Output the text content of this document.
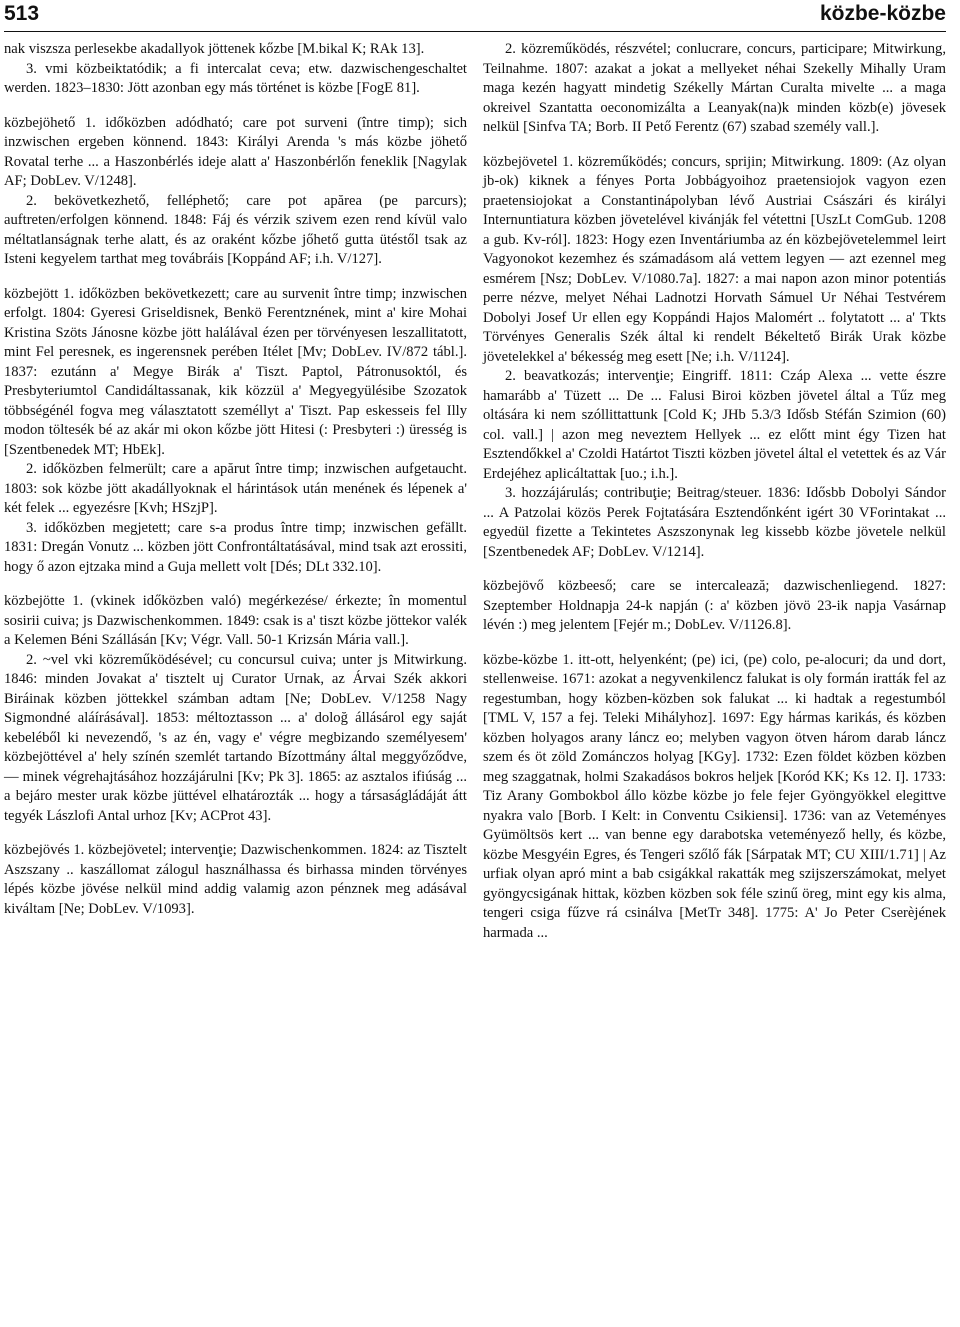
513	közbe-közbe

nak viszsza perlesekbe akadallyok jöttenek kőzbe [M.bikal K; RAk 13].

3. vmi közbeiktatódik; a fi intercalat ceva; etw. dazwischengeschaltet werden. 1823–1830: Jött azonban egy más történet is közbe [FogE 81].

közbejöhető 1. időközben adódható; care pot surveni (între timp); sich inzwischen ergeben könnend. 1843: Királyi Arenda 's más közbe jöhető Rovatal terhe ... a Haszonbérlés ideje alatt a' Haszonbérlőn feneklik [Nagylak AF; DobLev. V/1248].

2. bekövetkezhető, felléphető; care pot apărea (pe parcurs); auftreten/erfolgen könnend. 1848: Fáj és vérzik szivem ezen rend kívül valo méltatlanságnak terhe alatt, és az oraként kőzbe jőhető gutta ütéstől tsak az Isteni kegyelem tarthat meg továbráis [Koppánd AF; i.h. V/127].

közbejött 1. időközben bekövetkezett; care au survenit între timp; inzwischen erfolgt. 1804: Gyeresi Griseldisnek, Benkö Ferentznének, mint a' kire Mohai Kristina Szöts Jánosne közbe jött halálával ézen per törvényesen leszallitatott, mint Fel peresnek, es ingerensnek perében Itélet [Mv; DobLev. IV/872 tábl.]. 1837: ezutánn a' Megye Birák a' Tiszt. Paptol, Pátronusoktól, és Presbyteriumtol Candidáltassanak, kik közzül a' Megyegyülésibe Szozatok többségénél fogva meg választatott személlyt a' Tiszt. Pap eskesseis fel Illy modon töltesék bé az akár mi okon kőzbe jött Hitesi (: Presbyteri :) üresség is [Szentbenedek MT; HbEk].

2. időközben felmerült; care a apărut între timp; inzwischen aufgetaucht. 1803: sok közbe jött akadállyoknak el hárintások után menének és lépenek a' két felek ... egyezésre [Kvh; HSzjP].

3. időközben megjetett; care s-a produs între timp; inzwischen gefällt. 1831: Dregán Vonutz ... közben jött Confrontáltatásával, mind tsak azt erossiti, hogy ő azon ejtzaka mind a Guja mellett volt [Dés; DLt 332.10].

közbejötte 1. (vkinek időközben való) megérkezése/ érkezte; în momentul sosirii cuiva; js Dazwischenkommen. 1849: csak is a' tiszt közbe jöttekor valék a Kelemen Béni Szállásán [Kv; Végr. Vall. 50-1 Krizsán Mária vall.].

2. ~vel vki közreműködésével; cu concursul cuiva; unter js Mitwirkung. 1846: minden Jovakat a' tisztelt uj Curator Urnak, az Árvai Szék akkori Biráinak közben jöttekkel számban adtam [Ne; DobLev. V/1258 Nagy Sigmondné aláírásával]. 1853: méltoztasson ... a' doloğ állásárol egy saját kebeléből ki nevezendő, 's az én, vagy e' végre megbizando személyesem' közbejöttével a' hely színén szemlét tartando Bízottmány által meggyőződve, — minek végrehajtásához hozzájárulni [Kv; Pk 3]. 1865: az asztalos ifiúság ... a bejáro mester urak közbe jüttével elhatározták ... hogy a társaságládáját átt tegyék Lászlofi Antal urhoz [Kv; ACProt 43].

közbejövés 1. közbejövetel; intervenţie; Dazwischenkommen. 1824: az Tisztelt Aszszany .. kaszállomat zálogul használhassa és birhassa minden törvényes lépés közbe jövése nelkül mind addig valamig azon pénznek meg adásával kiváltam [Ne; DobLev. V/1093].

2. közreműködés, részvétel; conlucrare, concurs, participare; Mitwirkung, Teilnahme. 1807: azakat a jokat a mellyeket néhai Szekelly Mihally Uram maga kezén hagyatt mindetig Székelly Mártan Curalta mivelte ... a maga okreivel Szantatta oeconomizálta a Leanyak(na)k minden közb(e) jövesek nelkül [Sinfva TA; Borb. II Pető Ferentz (67) szabad személy vall.].

közbejövetel 1. közreműködés; concurs, sprijin; Mitwirkung. 1809: (Az olyan jb-ok) kiknek a fényes Porta Jobbágyoihoz praetensiojok vagyon ezen praetensiojokat a Constantinápolyban lévő Austriai Császári és királyi Internuntiatura közben jövetelével kivánják fel vétettni [UszLt ComGub. 1208 a gub. Kv-ról]. 1823: Hogy ezen Inventáriumba az én közbejövetelemmel leirt Vagyonokot kezemhez és számadásom alá vettem legyen — azt ezennel meg esmérem [Nsz; DobLev. V/1080.7a]. 1827: a mai napon azon minor potentiás perre nézve, melyet Néhai Ladnotzi Horvath Sámuel Ur Néhai Testvérem Dobolyi Josef Ur ellen egy Koppándi Hajos Malomért .. folytatott ... a' Tkts Törvényes Generalis Szék által ki rendelt Békeltető Birák Urak közbe jövetelekkel a' békesség meg esett [Ne; i.h. V/1124].

2. beavatkozás; intervenţie; Eingriff. 1811: Czáp Alexa ... vette észre hamarább a' Tüzett ... De ... Falusi Biroi közben jövetel által a Tűz meg oltására ki nem szóllittattunk [Cold K; JHb 5.3/3 Idősb Stéfán Szimion (60) col. vall.] | azon meg neveztem Hellyek ... ez előtt mint égy Tizen hat Esztendőkkel a' Czoldi Határtot Tiszti közben jövetel által el vetettek és az Vár Erdejéhez aplicáltattak [uo.; i.h.].

3. hozzájárulás; contribuţie; Beitrag/steuer. 1836: Idősbb Dobolyi Sándor ... A Patzolai közös Perek Fojtatására Esztendőnként igért 30 VForintakat ... egyedül fizette a Tekintetes Aszszonynak leg kissebb közbe jövetele nelkül [Szentbenedek AF; DobLev. V/1214].

közbejövő közbeeső; care se intercalează; dazwischenliegend. 1827: Szeptember Holdnapja 24-k napján (: a' közben jövö 23-ik napja Vasárnap lévén :) meg jelentem [Fejér m.; DobLev. V/1126.8].

közbe-közbe 1. itt-ott, helyenként; (pe) ici, (pe) colo, pe-alocuri; da und dort, stellenweise. 1671: azokat a negyvenkilencz falukat is oly formán iratták fel az regestumban, hogy közben-közben sok falukat ... ki hadtak a regestumból [TML V, 157 a fej. Teleki Mihályhoz]. 1697: Egy hármas karikás, és közben közben holyagos arany láncz eo; melyben vagyon ötven három darab láncz szem és öt zöld Zománczos holyag [KGy]. 1732: Ezen földet közben közben meg szaggatnak, holmi Szakadásos bokros heljek [Koród KK; Ks 12. I]. 1733: Tiz Arany Gombokbol állo közbe közbe jo fele fejer Gyöngyökkel elegittve nyakra valo [Borb. I Kelt: in Conventu Csikiensi]. 1736: van az Veteményes Gyümöltsös kert ... van benne egy darabotska veteményező helly, és közbe, közbe Mesgyéin Egres, és Tengeri szőlő fák [Sárpatak MT; CU XIII/1.71] | Az urfiak olyan apró mint a bab csigákkal rakatták meg szijszerszámokat, melyet gyöngycsigának hittak, közben közben sok féle szinű öreg, mint egy kis alma, tengeri csiga fűzve rá csinálva [MetTr 348]. 1775: A' Jo Peter Cserèjének harmada ...
